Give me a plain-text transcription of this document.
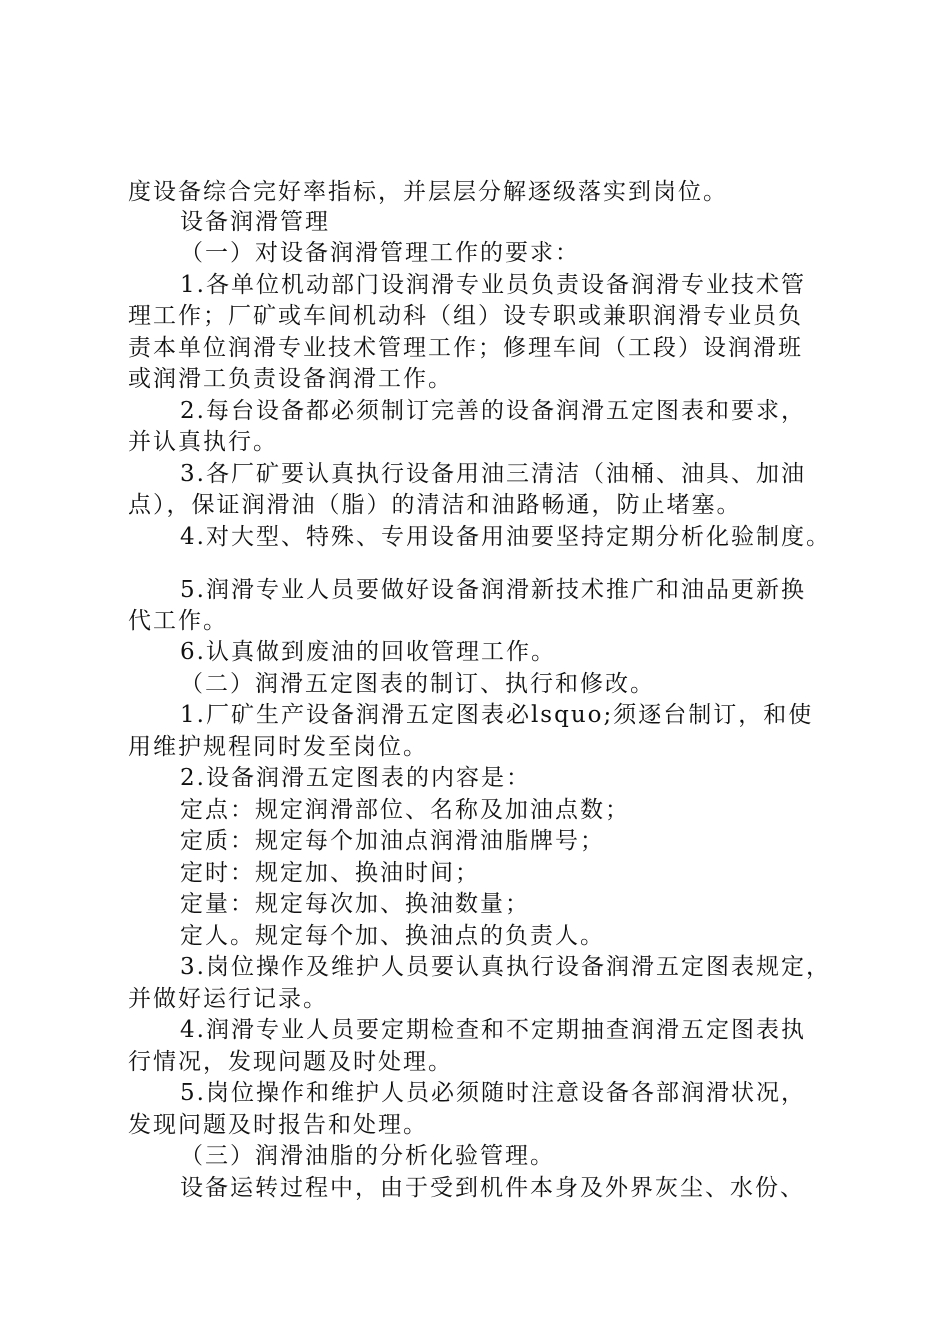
度设备综合完好率指标，并层层分解逐级落实到岗位。
设备润滑管理
（一）对设备润滑管理工作的要求：
1.各单位机动部门设润滑专业员负责设备润滑专业技术管
理工作；厂矿或车间机动科（组）设专职或兼职润滑专业员负
责本单位润滑专业技术管理工作；修理车间（工段）设润滑班
或润滑工负责设备润滑工作。
2.每台设备都必须制订完善的设备润滑五定图表和要求，
并认真执行。
3.各厂矿要认真执行设备用油三清洁（油桶、油具、加油
点），保证润滑油（脂）的清洁和油路畅通，防止堵塞。
4.对大型、特殊、专用设备用油要坚持定期分析化验制度。
5.润滑专业人员要做好设备润滑新技术推广和油品更新换
代工作。
6.认真做到废油的回收管理工作。
（二）润滑五定图表的制订、执行和修改。
1.厂矿生产设备润滑五定图表必lsquo;须逐台制订，和使
用维护规程同时发至岗位。
2.设备润滑五定图表的内容是：
定点：规定润滑部位、名称及加油点数；
定质：规定每个加油点润滑油脂牌号；
定时：规定加、换油时间；
定量：规定每次加、换油数量；
定人。规定每个加、换油点的负责人。
3.岗位操作及维护人员要认真执行设备润滑五定图表规定，
并做好运行记录。
4.润滑专业人员要定期检查和不定期抽查润滑五定图表执
行情况，发现问题及时处理。
5.岗位操作和维护人员必须随时注意设备各部润滑状况，
发现问题及时报告和处理。
（三）润滑油脂的分析化验管理。
设备运转过程中，由于受到机件本身及外界灰尘、水份、
